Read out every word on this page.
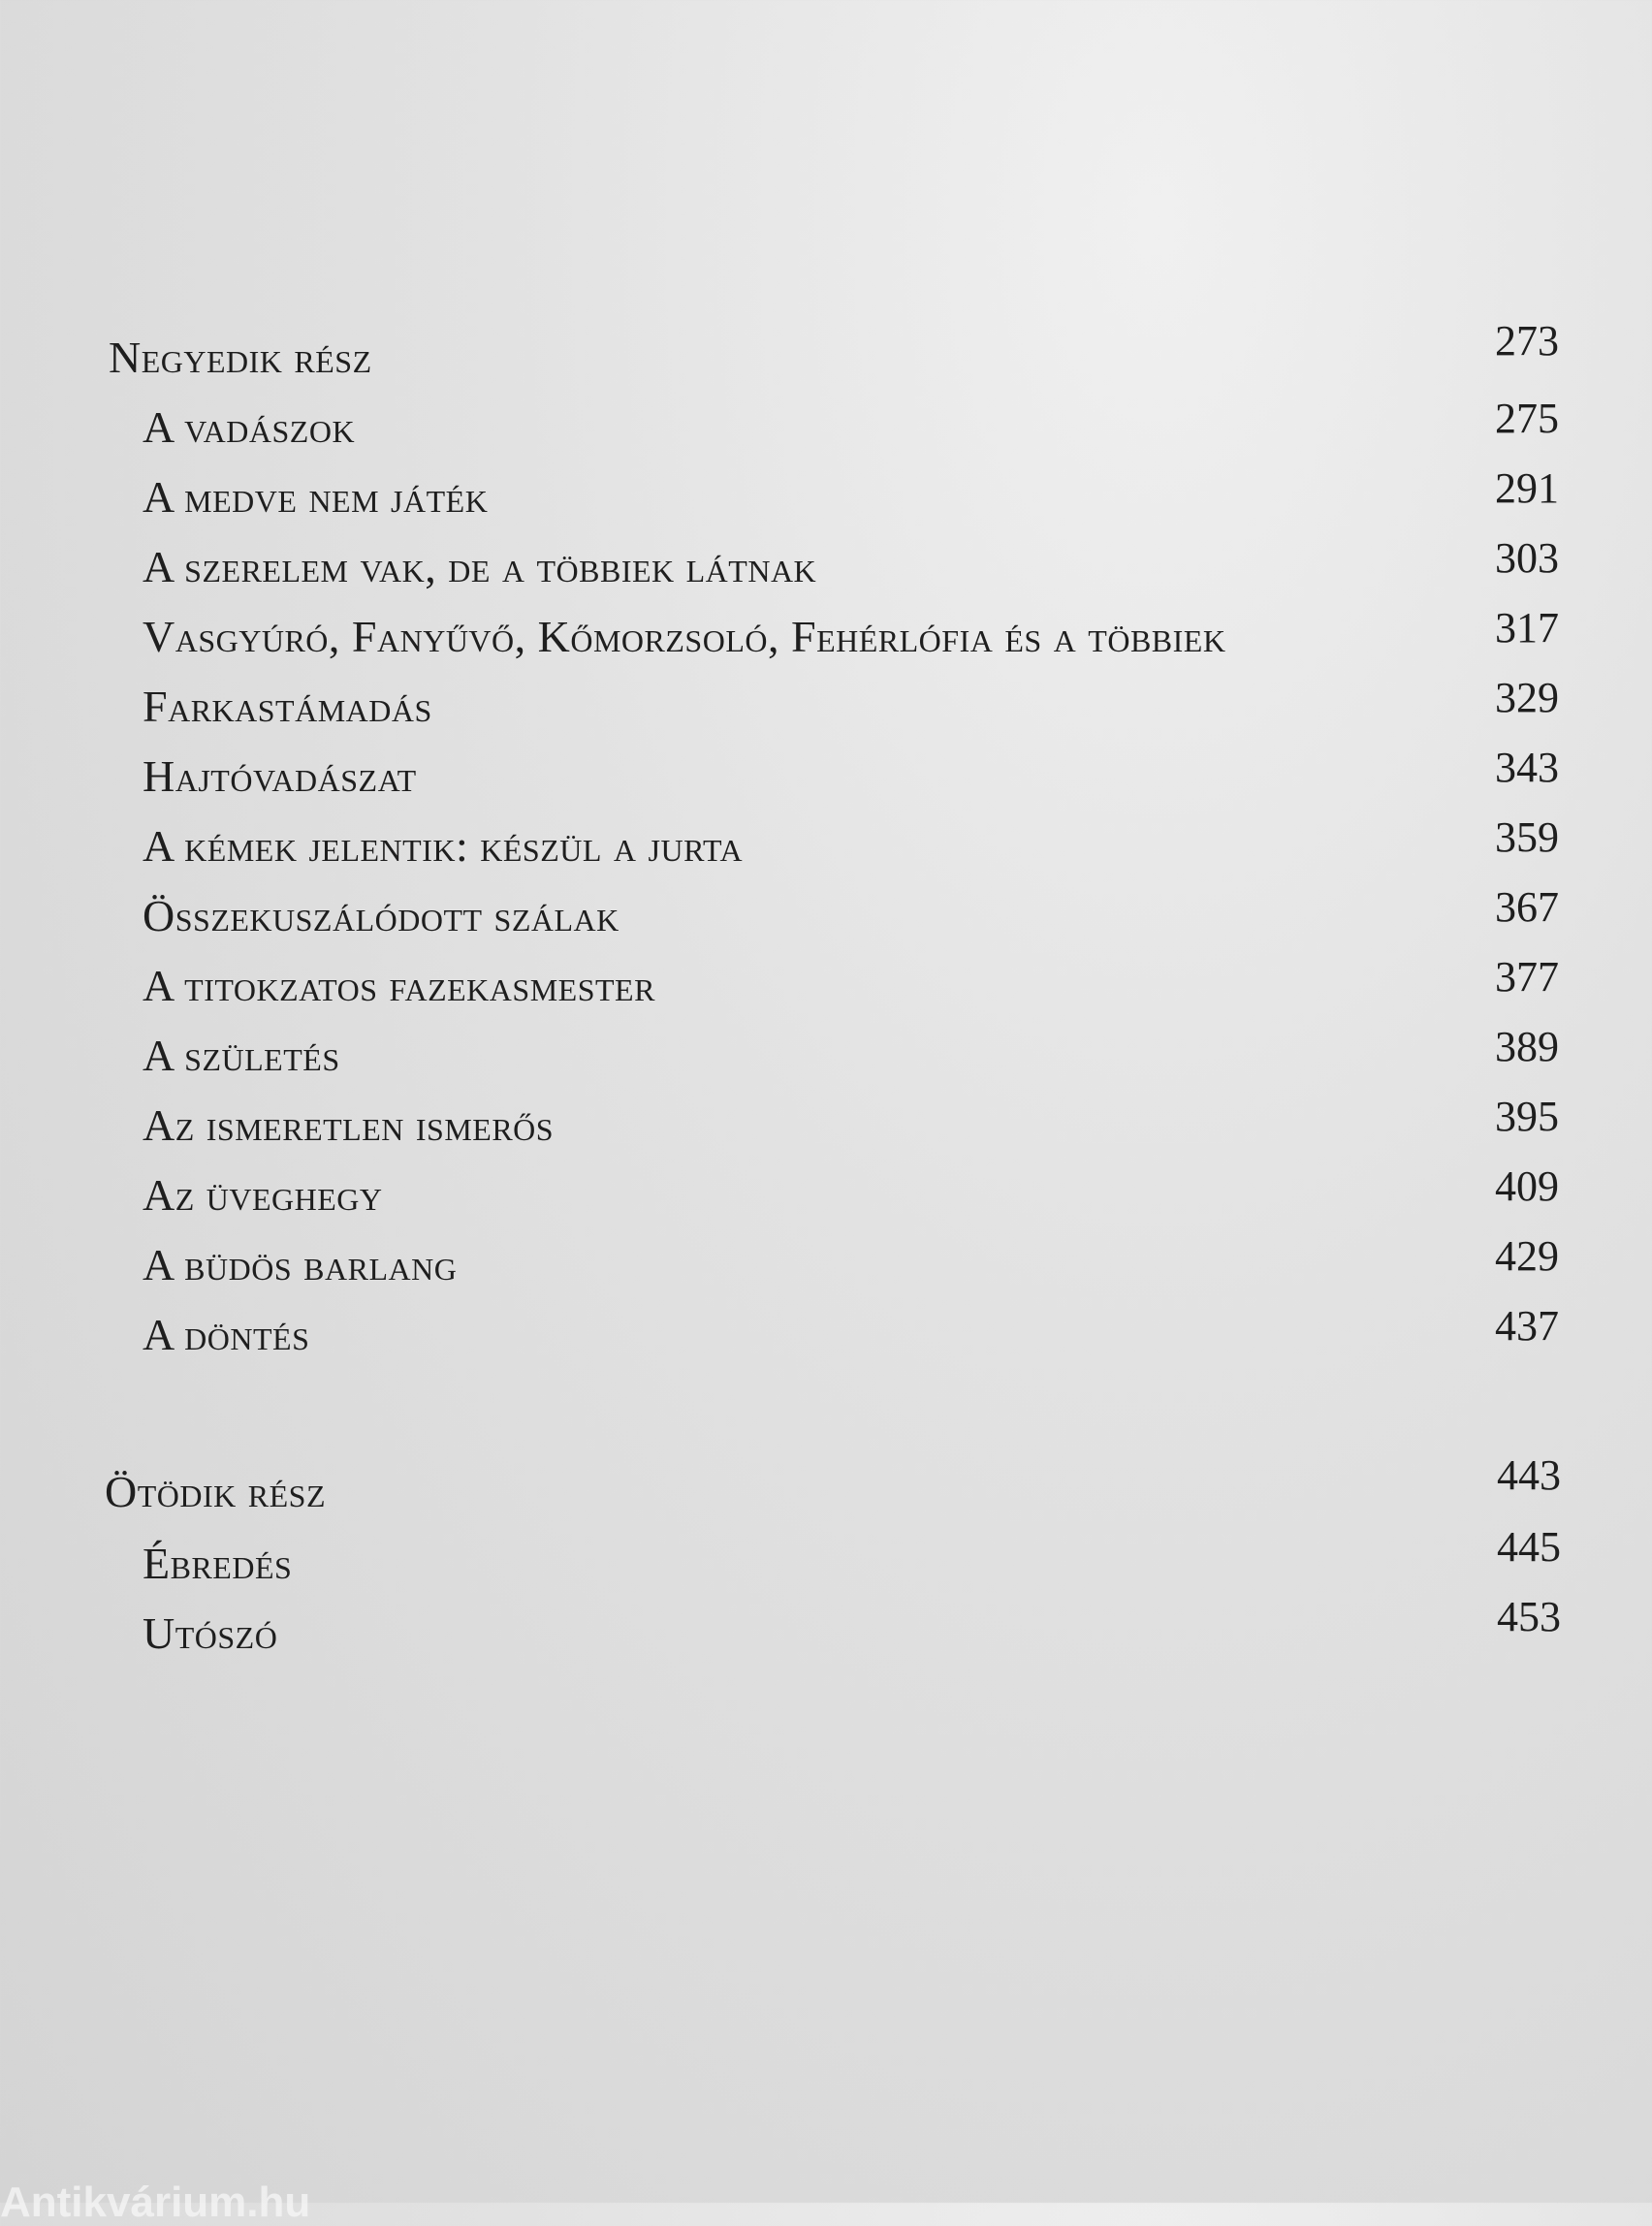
Negyedik rész	273
A vadászok	275
A medve nem játék	291
A szerelem vak, de a többiek látnak	303
Vasgyúró, Fanyűvő, Kőmorzsoló, Fehérlófia és a többiek	317
Farkastámadás	329
Hajtóvadászat	343
A kémek jelentik: készül a jurta	359
Összekuszálódott szálak	367
A titokzatos fazekasmester	377
A születés	389
Az ismeretlen ismerős	395
Az üveghegy	409
A büdös barlang	429
A döntés	437
Ötödik rész	443
Ébredés	445
Utószó	453
Antikvárium.hu
